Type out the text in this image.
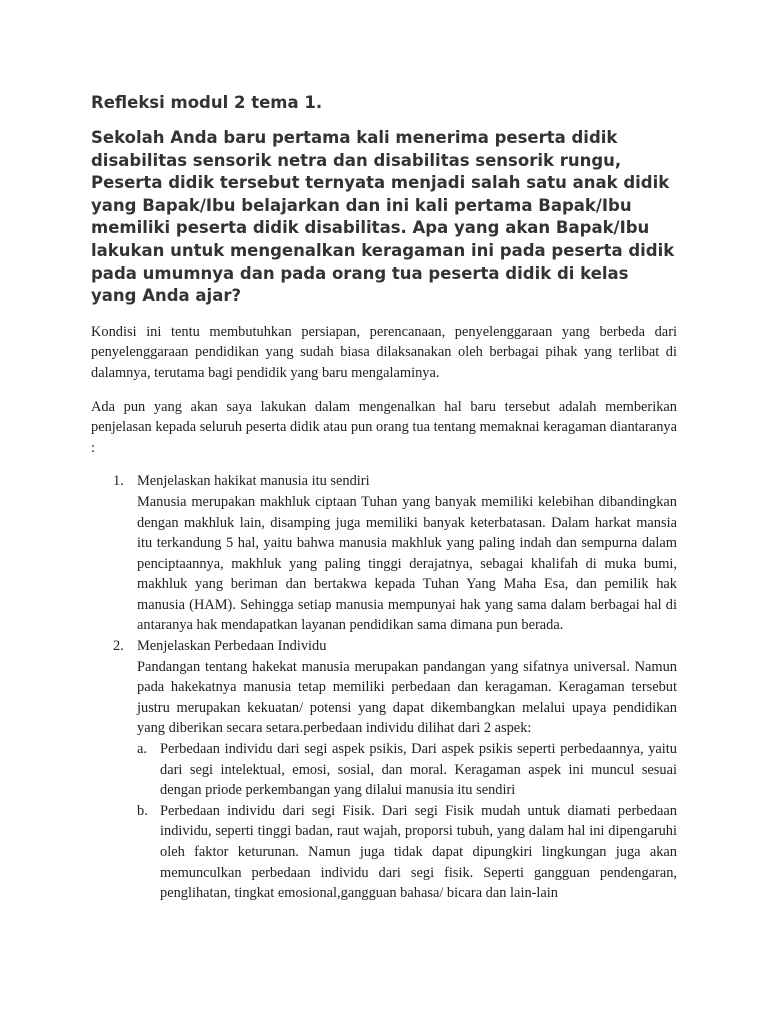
Refleksi modul 2 tema 1.
Sekolah Anda baru pertama kali menerima peserta didik disabilitas sensorik netra dan disabilitas sensorik rungu, Peserta didik tersebut ternyata menjadi salah satu anak didik yang Bapak/Ibu belajarkan dan ini kali pertama Bapak/Ibu memiliki peserta didik disabilitas. Apa yang akan Bapak/Ibu lakukan untuk mengenalkan keragaman ini pada peserta didik pada umumnya dan pada orang tua peserta didik di kelas yang Anda ajar?

Kondisi ini tentu membutuhkan persiapan, perencanaan, penyelenggaraan yang berbeda dari penyelenggaraan pendidikan yang sudah biasa dilaksanakan oleh berbagai pihak yang terlibat di dalamnya, terutama bagi pendidik yang baru mengalaminya.

Ada pun yang akan saya lakukan dalam mengenalkan hal baru tersebut adalah memberikan penjelasan kepada seluruh peserta didik atau pun orang tua tentang memaknai keragaman diantaranya :

1. Menjelaskan hakikat manusia itu sendiri
Manusia merupakan makhluk ciptaan Tuhan yang banyak memiliki kelebihan dibandingkan dengan makhluk lain, disamping juga memiliki banyak keterbatasan. Dalam harkat mansia itu terkandung 5 hal, yaitu bahwa manusia makhluk yang paling indah dan sempurna dalam penciptaannya, makhluk yang paling tinggi derajatnya, sebagai khalifah di muka bumi, makhluk yang beriman dan bertakwa kepada Tuhan Yang Maha Esa, dan pemilik hak manusia (HAM). Sehingga setiap manusia mempunyai hak yang sama dalam berbagai hal di antaranya hak mendapatkan layanan pendidikan sama dimana pun berada.
2. Menjelaskan Perbedaan Individu
Pandangan tentang hakekat manusia merupakan pandangan yang sifatnya universal. Namun pada hakekatnya manusia tetap memiliki perbedaan dan keragaman. Keragaman tersebut justru merupakan kekuatan/ potensi yang dapat dikembangkan melalui upaya pendidikan yang diberikan secara setara.perbedaan individu dilihat dari 2 aspek:
a. Perbedaan individu dari segi aspek psikis, Dari aspek psikis seperti perbedaannya, yaitu dari segi intelektual, emosi, sosial, dan moral. Keragaman aspek ini muncul sesuai dengan priode perkembangan yang dilalui manusia itu sendiri
b. Perbedaan individu dari segi Fisik. Dari segi Fisik mudah untuk diamati perbedaan individu, seperti tinggi badan, raut wajah, proporsi tubuh, yang dalam hal ini dipengaruhi oleh faktor keturunan. Namun juga tidak dapat dipungkiri lingkungan juga akan memunculkan perbedaan individu dari segi fisik. Seperti gangguan pendengaran, penglihatan, tingkat emosional,gangguan bahasa/ bicara dan lain-lain
